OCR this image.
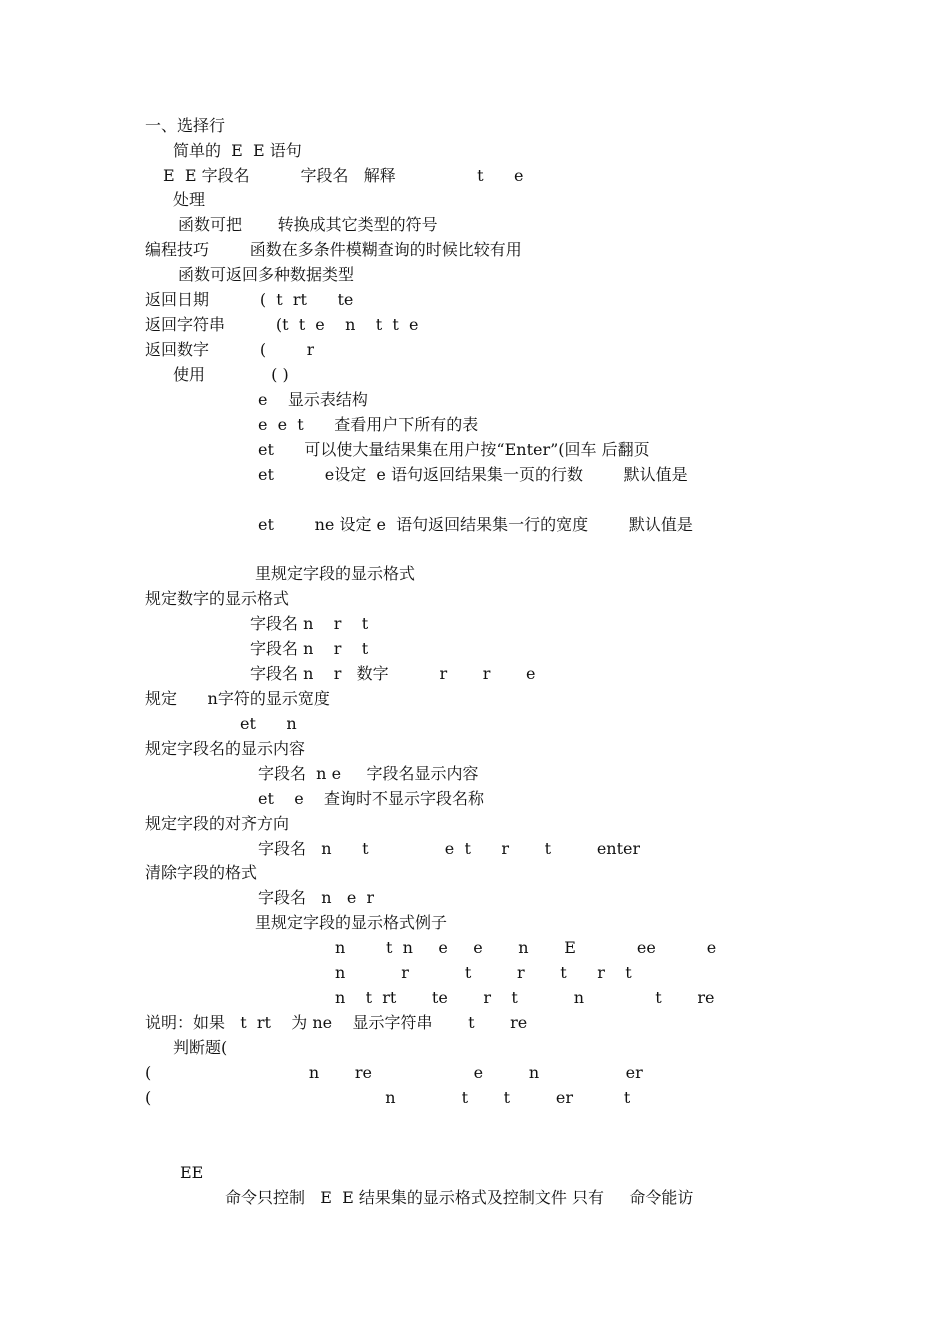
一、选择行
简单的  E  E 语句
E  E 字段名          字段名   解释                t      e
处理
函数可把       转换成其它类型的符号
编程技巧        函数在多条件模糊查询的时候比较有用
函数可返回多种数据类型
返回日期          (  t  rt      te
返回字符串          (t  t  e    n    t  t  e
返回数字          (        r
使用             ( )
e    显示表结构
e  e  t      查看用户下所有的表
et      可以使大量结果集在用户按“Enter”(回车 后翻页
et          e设定  e 语句返回结果集一页的行数        默认值是
et        ne 设定 e  语句返回结果集一行的宽度        默认值是
里规定字段的显示格式
规定数字的显示格式
字段名 n    r    t
字段名 n    r    t
字段名 n    r   数字          r       r       e
规定      n字符的显示宽度
et      n
规定字段名的显示内容
字段名  n e     字段名显示内容
et    e    查询时不显示字段名称
规定字段的对齐方向
字段名   n      t               e  t      r       t         enter
清除字段的格式
字段名   n   e  r
里规定字段的显示格式例子
n        t  n     e     e       n       E            ee          e
n           r           t         r       t      r    t
n    t  rt       te       r    t           n              t       re
说明：如果   t  rt    为 ne    显示字符串       t       re
判断题(
(                               n       re                    e         n                 er
(                                              n             t       t         er          t
EE
命令只控制   E  E 结果集的显示格式及控制文件 只有     命令能访
